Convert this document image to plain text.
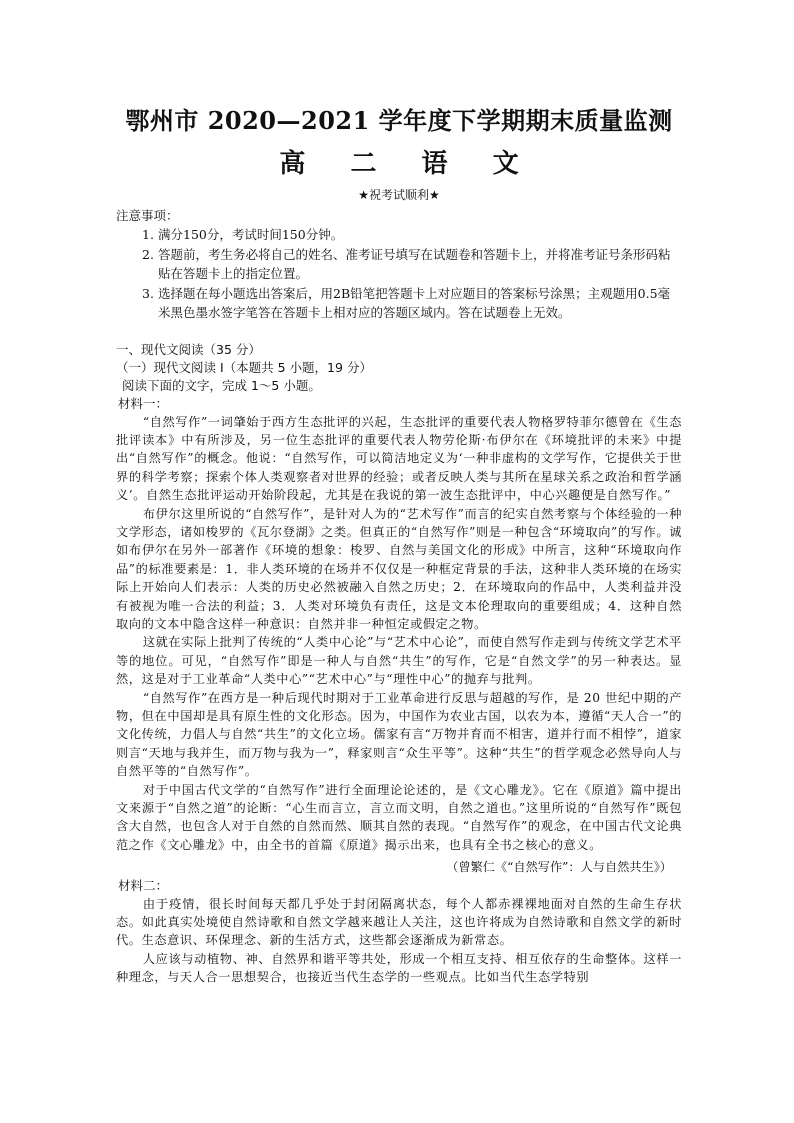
鄂州市 2020—2021 学年度下学期期末质量监测
高 二 语 文

★祝考试顺利★

注意事项：

1. 满分150分，考试时间150分钟。
2. 答题前，考生务必将自己的姓名、准考证号填写在试题卷和答题卡上，并将准考证号条形码粘贴在答题卡上的指定位置。
3. 选择题在每小题选出答案后，用2B铅笔把答题卡上对应题目的答案标号涂黑；主观题用0.5毫米黑色墨水签字笔答在答题卡上相对应的答题区域内。答在试题卷上无效。

一、现代文阅读（35 分）

（一）现代文阅读 I（本题共 5 小题，19 分）

阅读下面的文字，完成 1～5 小题。

材料一：

“自然写作”一词肇始于西方生态批评的兴起，生态批评的重要代表人物格罗特菲尔德曾在《生态批评读本》中有所涉及，另一位生态批评的重要代表人物劳伦斯·布伊尔在《环境批评的未来》中提出“自然写作”的概念。他说：“自然写作，可以简洁地定义为‘一种非虚构的文学写作，它提供关于世界的科学考察；探索个体人类观察者对世界的经验；或者反映人类与其所在星球关系之政治和哲学涵义’。自然生态批评运动开始阶段起，尤其是在我说的第一波生态批评中，中心兴趣便是自然写作。”

布伊尔这里所说的“自然写作”，是针对人为的“艺术写作”而言的纪实自然考察与个体经验的一种文学形态，诸如梭罗的《瓦尔登湖》之类。但真正的“自然写作”则是一种包含“环境取向”的写作。诚如布伊尔在另外一部著作《环境的想象：梭罗、自然与美国文化的形成》中所言，这种“环境取向作品”的标准要素是：1．非人类环境的在场并不仅仅是一种框定背景的手法，这种非人类环境的在场实际上开始向人们表示：人类的历史必然被融入自然之历史；2．在环境取向的作品中，人类利益并没有被视为唯一合法的利益；3．人类对环境负有责任，这是文本伦理取向的重要组成；4．这种自然取向的文本中隐含这样一种意识：自然并非一种恒定或假定之物。

这就在实际上批判了传统的“人类中心论”与“艺术中心论”，而使自然写作走到与传统文学艺术平等的地位。可见，“自然写作”即是一种人与自然“共生”的写作，它是“自然文学”的另一种表达。显然，这是对于工业革命“人类中心”“艺术中心”与“理性中心”的抛弃与批判。

“自然写作”在西方是一种后现代时期对于工业革命进行反思与超越的写作，是 20 世纪中期的产物，但在中国却是具有原生性的文化形态。因为，中国作为农业古国，以农为本，遵循“天人合一”的文化传统，力倡人与自然“共生”的文化立场。儒家有言“万物并育而不相害，道并行而不相悖”，道家则言“天地与我并生，而万物与我为一”，释家则言“众生平等”。这种“共生”的哲学观念必然导向人与自然平等的“自然写作”。

对于中国古代文学的“自然写作”进行全面理论论述的，是《文心雕龙》。它在《原道》篇中提出文来源于“自然之道”的论断：“心生而言立，言立而文明，自然之道也。”这里所说的“自然写作”既包含大自然，也包含人对于自然的自然而然、顺其自然的表现。“自然写作”的观念，在中国古代文论典范之作《文心雕龙》中，由全书的首篇《原道》揭示出来，也具有全书之核心的意义。

（曾繁仁《“自然写作”：人与自然共生》）

材料二：

由于疫情，很长时间每天都几乎处于封闭隔离状态，每个人都赤裸裸地面对自然的生命生存状态。如此真实处境使自然诗歌和自然文学越来越让人关注，这也许将成为自然诗歌和自然文学的新时代。生态意识、环保理念、新的生活方式，这些都会逐渐成为新常态。

人应该与动植物、神、自然界和谐平等共处，形成一个相互支持、相互依存的生命整体。这样一种理念，与天人合一思想契合，也接近当代生态学的一些观点。比如当代生态学特别
